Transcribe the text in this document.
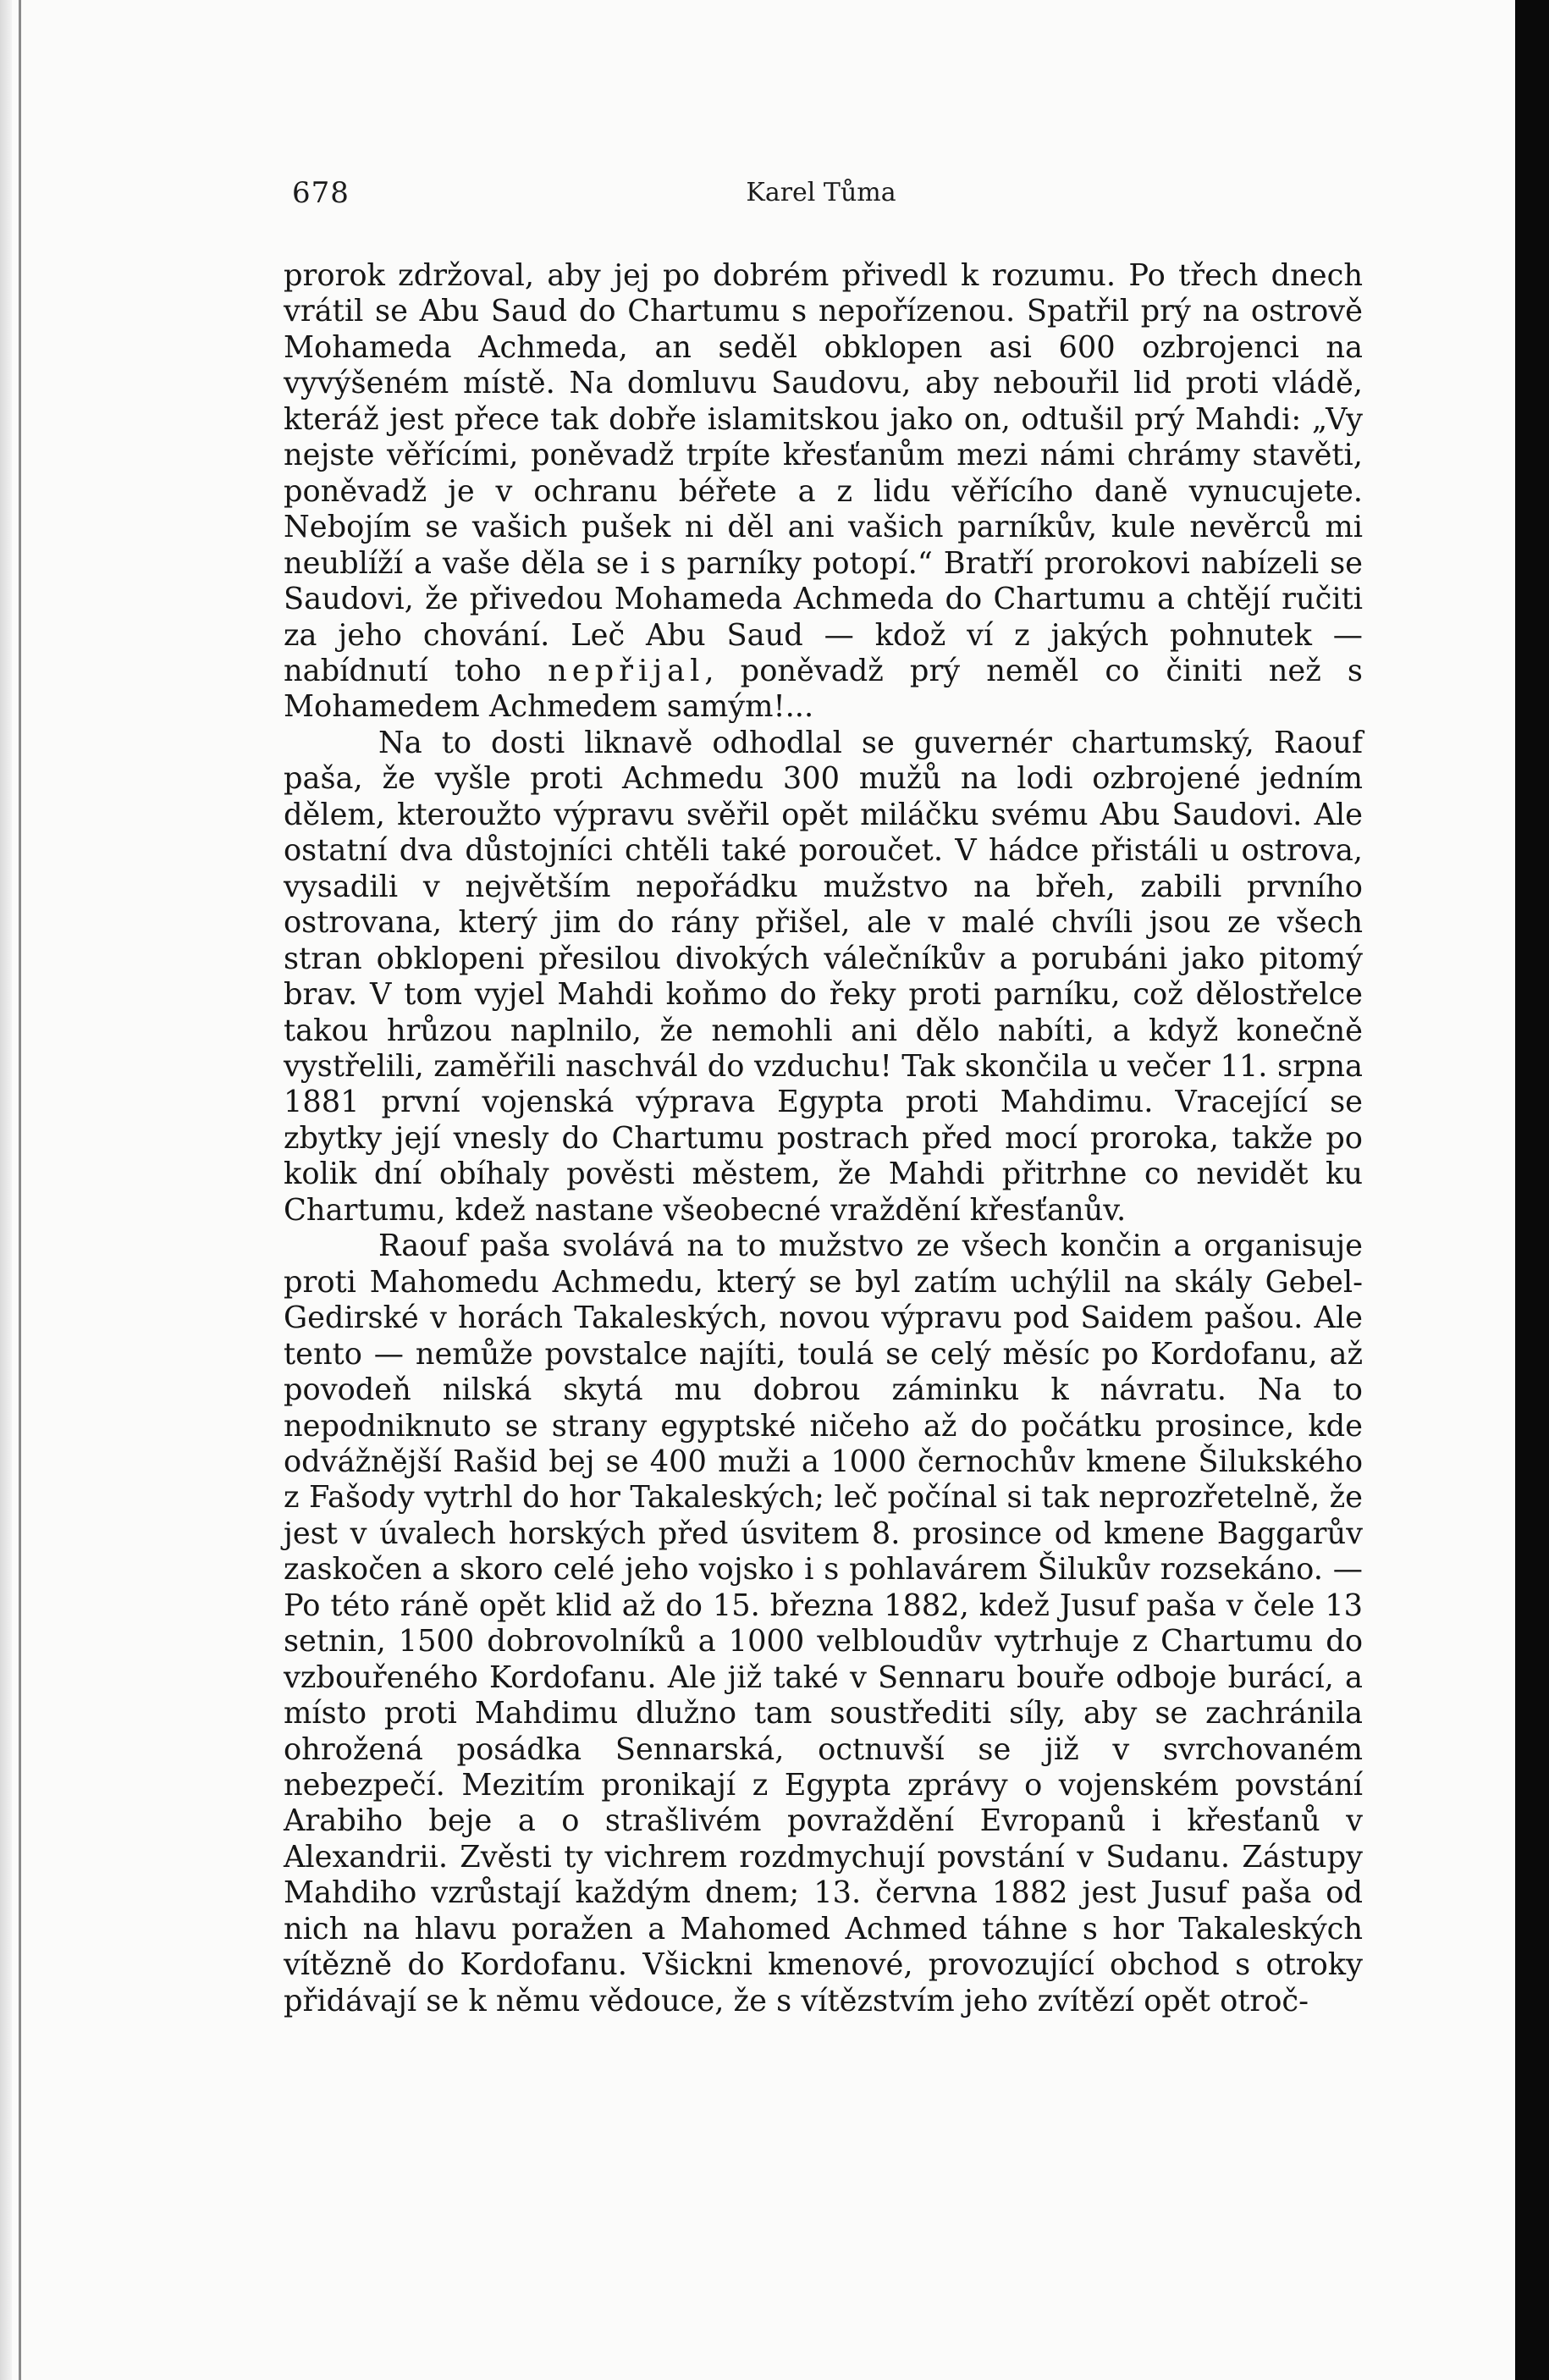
678	Karel Tůma

prorok zdržoval, aby jej po dobrém přivedl k rozumu. Po třech dnech vrátil se Abu Saud do Chartumu s nepořízenou. Spatřil prý na ostrově Mohameda Achmeda, an seděl obklopen asi 600 ozbrojenci na vyvýšeném místě. Na domluvu Saudovu, aby nebouřil lid proti vládě, kteráž jest přece tak dobře islamitskou jako on, odtušil prý Mahdi: „Vy nejste věřícími, poněvadž trpíte křesťanům mezi námi chrámy stavěti, poněvadž je v ochranu béřete a z lidu věřícího daně vynucujete. Nebojím se vašich pušek ni děl ani vašich parníkův, kule nevěrců mi neublíží a vaše děla se i s parníky potopí.“ Bratří prorokovi nabízeli se Saudovi, že přivedou Mohameda Achmeda do Chartumu a chtějí ručiti za jeho chování. Leč Abu Saud — kdož ví z jakých pohnutek — nabídnutí toho nepřijal, poněvadž prý neměl co činiti než s Mohamedem Achmedem samým!...

Na to dosti liknavě odhodlal se guvernér chartumský, Raouf paša, že vyšle proti Achmedu 300 mužů na lodi ozbrojené jedním dělem, kteroužto výpravu svěřil opět miláčku svému Abu Saudovi. Ale ostatní dva důstojníci chtěli také poroučet. V hádce přistáli u ostrova, vysadili v největším nepořádku mužstvo na břeh, zabili prvního ostrovana, který jim do rány přišel, ale v malé chvíli jsou ze všech stran obklopeni přesilou divokých válečníkův a porubáni jako pitomý brav. V tom vyjel Mahdi koňmo do řeky proti parníku, což dělostřelce takou hrůzou naplnilo, že nemohli ani dělo nabíti, a když konečně vystřelili, zaměřili naschvál do vzduchu! Tak skončila u večer 11. srpna 1881 první vojenská výprava Egypta proti Mahdimu. Vracející se zbytky její vnesly do Chartumu postrach před mocí proroka, takže po kolik dní obíhaly pověsti městem, že Mahdi přitrhne co nevidět ku Chartumu, kdež nastane všeobecné vraždění křesťanův.

Raouf paša svolává na to mužstvo ze všech končin a organisuje proti Mahomedu Achmedu, který se byl zatím uchýlil na skály Gebel-Gedirské v horách Takaleských, novou výpravu pod Saidem pašou. Ale tento — nemůže povstalce najíti, toulá se celý měsíc po Kordofanu, až povodeň nilská skytá mu dobrou záminku k návratu. Na to nepodniknuto se strany egyptské ničeho až do počátku prosince, kde odvážnější Rašid bej se 400 muži a 1000 černochův kmene Šilukského z Fašody vytrhl do hor Takaleských; leč počínal si tak neprozřetelně, že jest v úvalech horských před úsvitem 8. prosince od kmene Baggarův zaskočen a skoro celé jeho vojsko i s pohlavárem Šilukův rozsekáno. — Po této ráně opět klid až do 15. března 1882, kdež Jusuf paša v čele 13 setnin, 1500 dobrovolníků a 1000 velbloudův vytrhuje z Chartumu do vzbouřeného Kordofanu. Ale již také v Sennaru bouře odboje burácí, a místo proti Mahdimu dlužno tam soustřediti síly, aby se zachránila ohrožená posádka Sennarská, octnuvší se již v svrchovaném nebezpečí. Mezitím pronikají z Egypta zprávy o vojenském povstání Arabiho beje a o strašlivém povraždění Evropanů i křesťanů v Alexandrii. Zvěsti ty vichrem rozdmychují povstání v Sudanu. Zástupy Mahdiho vzrůstají každým dnem; 13. června 1882 jest Jusuf paša od nich na hlavu poražen a Mahomed Achmed táhne s hor Takaleských vítězně do Kordofanu. Všickni kmenové, provozující obchod s otroky přidávají se k němu vědouce, že s vítězstvím jeho zvítězí opět otroč-
